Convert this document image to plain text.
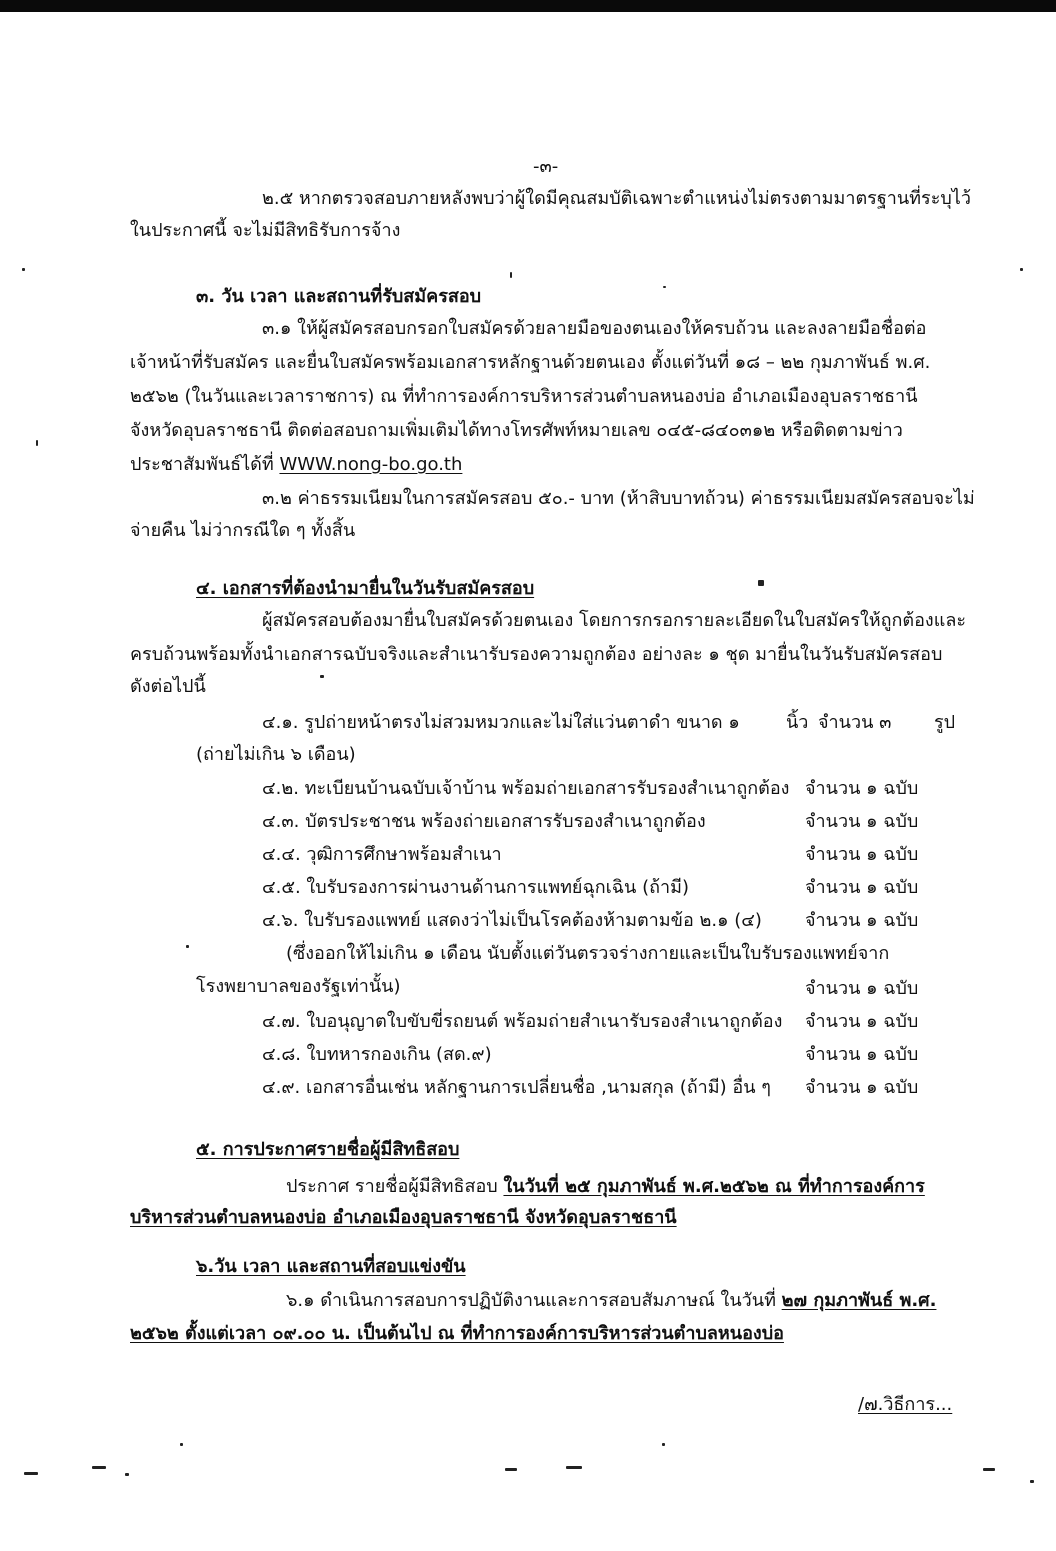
-๓-

๒.๕ หากตรวจสอบภายหลังพบว่าผู้ใดมีคุณสมบัติเฉพาะตำแหน่งไม่ตรงตามมาตรฐานที่ระบุไว้

ในประกาศนี้ จะไม่มีสิทธิรับการจ้าง

๓. วัน เวลา และสถานที่รับสมัครสอบ

๓.๑ ให้ผู้สมัครสอบกรอกใบสมัครด้วยลายมือของตนเองให้ครบถ้วน และลงลายมือชื่อต่อ

เจ้าหน้าที่รับสมัคร และยื่นใบสมัครพร้อมเอกสารหลักฐานด้วยตนเอง ตั้งแต่วันที่ ๑๘ – ๒๒ กุมภาพันธ์ พ.ศ.

๒๕๖๒ (ในวันและเวลาราชการ) ณ ที่ทำการองค์การบริหารส่วนตำบลหนองบ่อ อำเภอเมืองอุบลราชธานี

จังหวัดอุบลราชธานี ติดต่อสอบถามเพิ่มเติมได้ทางโทรศัพท์หมายเลข ๐๔๕-๘๔๐๓๑๒ หรือติดตามข่าว

ประชาสัมพันธ์ได้ที่ WWW.nong-bo.go.th

๓.๒ ค่าธรรมเนียมในการสมัครสอบ ๕๐.- บาท (ห้าสิบบาทถ้วน) ค่าธรรมเนียมสมัครสอบจะไม่

จ่ายคืน ไม่ว่ากรณีใด ๆ ทั้งสิ้น

๔. เอกสารที่ต้องนำมายื่นในวันรับสมัครสอบ

ผู้สมัครสอบต้องมายื่นใบสมัครด้วยตนเอง โดยการกรอกรายละเอียดในใบสมัครให้ถูกต้องและ

ครบถ้วนพร้อมทั้งนำเอกสารฉบับจริงและสำเนารับรองความถูกต้อง อย่างละ ๑ ชุด มายื่นในวันรับสมัครสอบ

ดังต่อไปนี้

๔.๑. รูปถ่ายหน้าตรงไม่สวมหมวกและไม่ใส่แว่นตาดำ ขนาด ๑	นิ้ว จำนวน ๓ รูป

(ถ่ายไม่เกิน ๖ เดือน)

๔.๒. ทะเบียนบ้านฉบับเจ้าบ้าน พร้อมถ่ายเอกสารรับรองสำเนาถูกต้อง จำนวน ๑ ฉบับ

๔.๓. บัตรประชาชน พร้องถ่ายเอกสารรับรองสำเนาถูกต้อง	จำนวน ๑ ฉบับ

๔.๔. วุฒิการศึกษาพร้อมสำเนา	จำนวน ๑ ฉบับ

๔.๕. ใบรับรองการผ่านงานด้านการแพทย์ฉุกเฉิน (ถ้ามี)	จำนวน ๑ ฉบับ

๔.๖. ใบรับรองแพทย์ แสดงว่าไม่เป็นโรคต้องห้ามตามข้อ ๒.๑ (๔) จำนวน ๑ ฉบับ

(ซึ่งออกให้ไม่เกิน ๑ เดือน นับตั้งแต่วันตรวจร่างกายและเป็นใบรับรองแพทย์จาก

โรงพยาบาลของรัฐเท่านั้น)	จำนวน ๑ ฉบับ

๔.๗. ใบอนุญาตใบขับขี่รถยนต์ พร้อมถ่ายสำเนารับรองสำเนาถูกต้อง จำนวน ๑ ฉบับ

๔.๘. ใบทหารกองเกิน (สด.๙)	จำนวน ๑ ฉบับ

๔.๙. เอกสารอื่นเช่น หลักฐานการเปลี่ยนชื่อ ,นามสกุล (ถ้ามี) อื่น ๆ จำนวน ๑ ฉบับ

๕. การประกาศรายชื่อผู้มีสิทธิสอบ

ประกาศ รายชื่อผู้มีสิทธิสอบ ในวันที่ ๒๕ กุมภาพันธ์ พ.ศ.๒๕๖๒ ณ ที่ทำการองค์การ

บริหารส่วนตำบลหนองบ่อ อำเภอเมืองอุบลราชธานี จังหวัดอุบลราชธานี

๖.วัน เวลา และสถานที่สอบแข่งขัน

๖.๑ ดำเนินการสอบการปฏิบัติงานและการสอบสัมภาษณ์ ในวันที่ ๒๗ กุมภาพันธ์ พ.ศ.

๒๕๖๒ ตั้งแต่เวลา ๐๙.๐๐ น. เป็นต้นไป ณ ที่ทำการองค์การบริหารส่วนตำบลหนองบ่อ

/๗.วิธีการ...
